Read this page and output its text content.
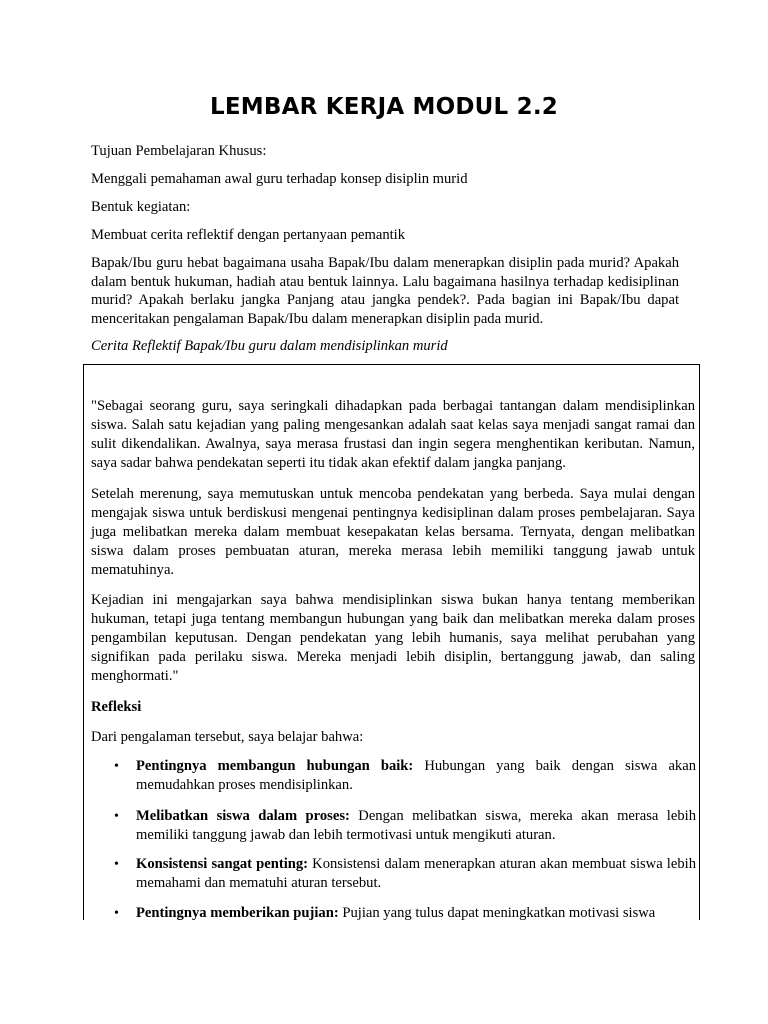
LEMBAR KERJA MODUL 2.2

Tujuan Pembelajaran Khusus:

Menggali pemahaman awal guru terhadap konsep disiplin murid

Bentuk kegiatan:

Membuat cerita reflektif dengan pertanyaan pemantik

Bapak/Ibu guru hebat bagaimana usaha Bapak/Ibu dalam menerapkan disiplin pada murid? Apakah dalam bentuk hukuman, hadiah atau bentuk lainnya. Lalu bagaimana hasilnya terhadap kedisiplinan murid? Apakah berlaku jangka Panjang atau jangka pendek?. Pada bagian ini Bapak/Ibu dapat menceritakan pengalaman Bapak/Ibu dalam menerapkan disiplin pada murid.

Cerita Reflektif Bapak/Ibu guru dalam mendisiplinkan murid

"Sebagai seorang guru, saya seringkali dihadapkan pada berbagai tantangan dalam mendisiplinkan siswa. Salah satu kejadian yang paling mengesankan adalah saat kelas saya menjadi sangat ramai dan sulit dikendalikan. Awalnya, saya merasa frustasi dan ingin segera menghentikan keributan. Namun, saya sadar bahwa pendekatan seperti itu tidak akan efektif dalam jangka panjang.

Setelah merenung, saya memutuskan untuk mencoba pendekatan yang berbeda. Saya mulai dengan mengajak siswa untuk berdiskusi mengenai pentingnya kedisiplinan dalam proses pembelajaran. Saya juga melibatkan mereka dalam membuat kesepakatan kelas bersama. Ternyata, dengan melibatkan siswa dalam proses pembuatan aturan, mereka merasa lebih memiliki tanggung jawab untuk mematuhinya.

Kejadian ini mengajarkan saya bahwa mendisiplinkan siswa bukan hanya tentang memberikan hukuman, tetapi juga tentang membangun hubungan yang baik dan melibatkan mereka dalam proses pengambilan keputusan. Dengan pendekatan yang lebih humanis, saya melihat perubahan yang signifikan pada perilaku siswa. Mereka menjadi lebih disiplin, bertanggung jawab, dan saling menghormati."

Refleksi

Dari pengalaman tersebut, saya belajar bahwa:

• Pentingnya membangun hubungan baik: Hubungan yang baik dengan siswa akan memudahkan proses mendisiplinkan.
• Melibatkan siswa dalam proses: Dengan melibatkan siswa, mereka akan merasa lebih memiliki tanggung jawab dan lebih termotivasi untuk mengikuti aturan.
• Konsistensi sangat penting: Konsistensi dalam menerapkan aturan akan membuat siswa lebih memahami dan mematuhi aturan tersebut.
• Pentingnya memberikan pujian: Pujian yang tulus dapat meningkatkan motivasi siswa
